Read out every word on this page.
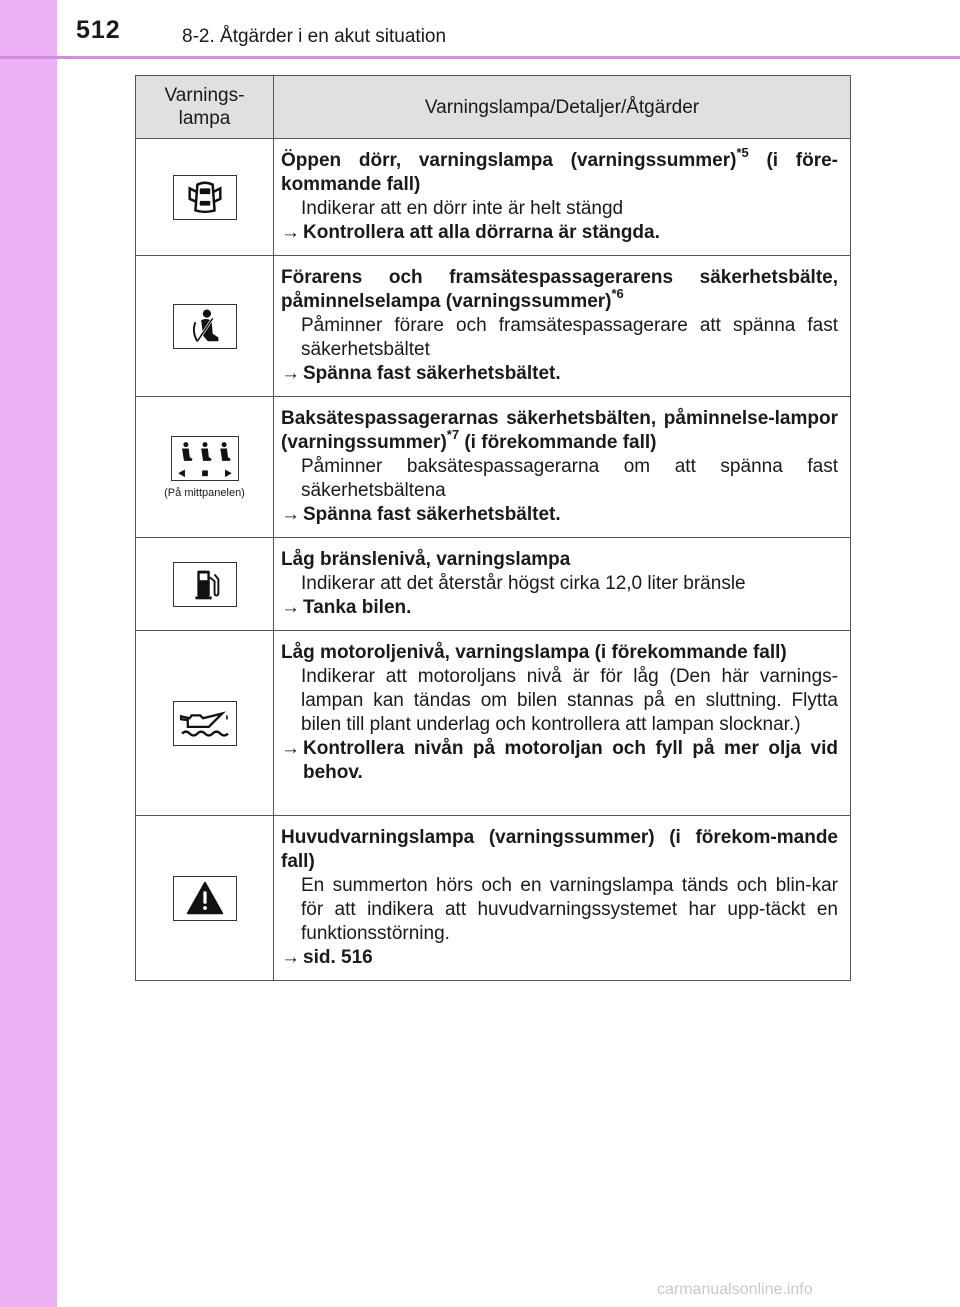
512	8-2. Åtgärder i en akut situation
Varnings-
lampa	Varningslampa/Detaljer/Åtgärder

Öppen dörr, varningslampa (varningssummer)$^{*5}$ (i före-kommande fall)
Indikerar att en dörr inte är helt stängd
→ Kontrollera att alla dörrarna är stängda.

Förarens och framsätespassagerarens säkerhetsbälte, påminnelselampa (varningssummer)$^{*6}$
Påminner förare och framsätespassagerare att spänna fast säkerhetsbältet
→ Spänna fast säkerhetsbältet.

(På mittpanelen)	Baksätespassagerarnas säkerhetsbälten, påminnelse-lampor (varningssummer)$^{*7}$ (i förekommande fall)
Påminner baksätespassagerarna om att spänna fast säkerhetsbältena
→ Spänna fast säkerhetsbältet.

Låg bränslenivå, varningslampa
Indikerar att det återstår högst cirka 12,0 liter bränsle
→ Tanka bilen.

Låg motoroljenivå, varningslampa (i förekommande fall)
Indikerar att motoroljans nivå är för låg (Den här varnings-lampan kan tändas om bilen stannas på en sluttning. Flytta bilen till plant underlag och kontrollera att lampan slocknar.)
→ Kontrollera nivån på motoroljan och fyll på mer olja vid behov.

Huvudvarningslampa (varningssummer) (i förekom-mande fall)
En summerton hörs och en varningslampa tänds och blin-kar för att indikera att huvudvarningssystemet har upp-täckt en funktionsstörning.
→ sid. 516
carmanualsonline.info
